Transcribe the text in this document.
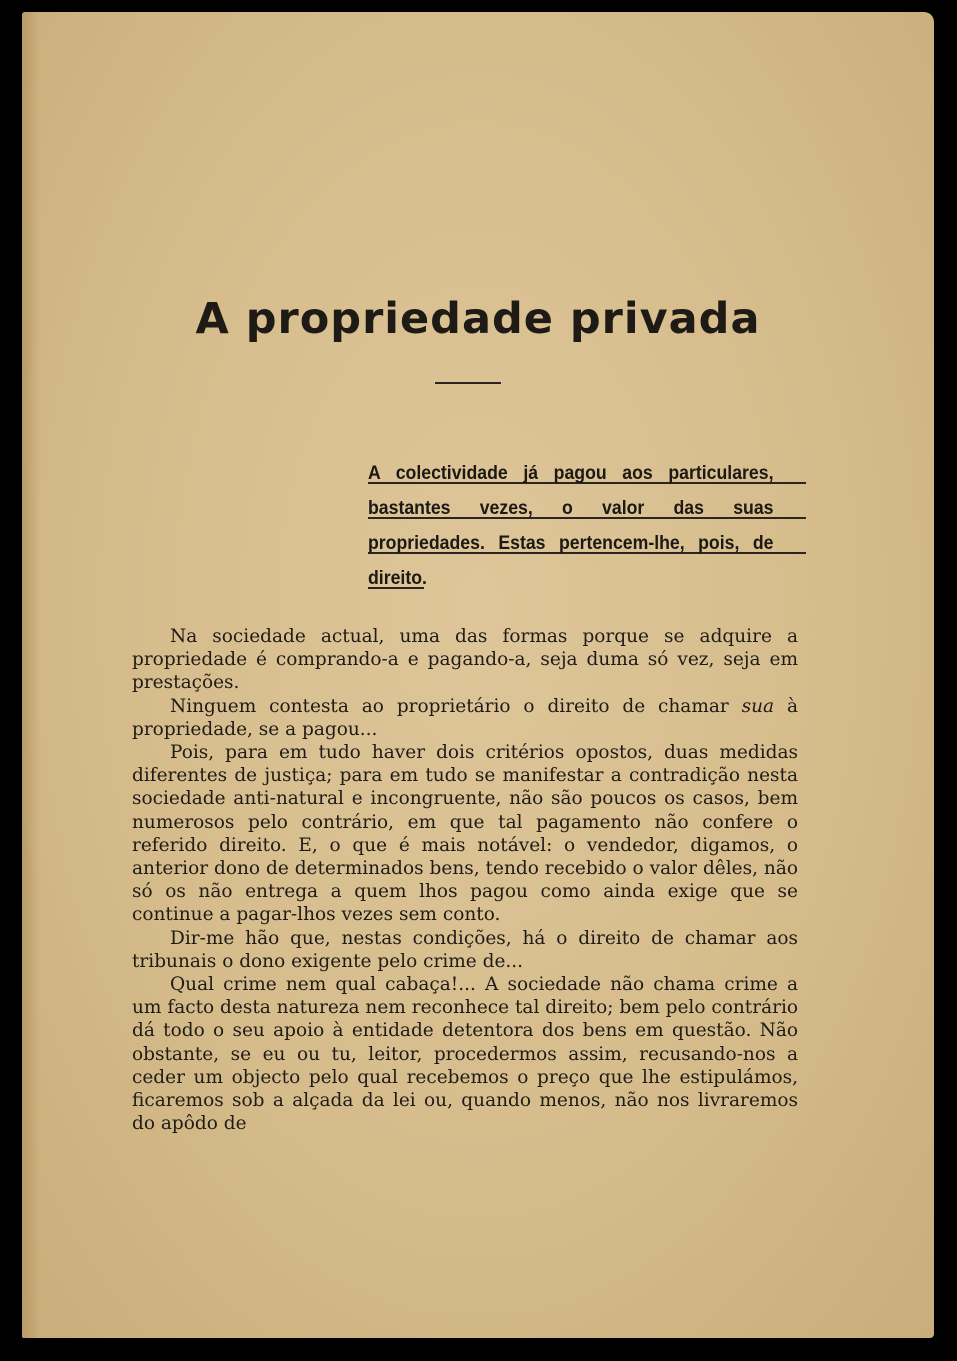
A propriedade privada
A colectividade já pagou aos particulares, bastantes vezes, o valor das suas propriedades. Estas pertencem-lhe, pois, de direito.

Na sociedade actual, uma das formas porque se adquire a propriedade é comprando-a e pagando-a, seja duma só vez, seja em prestações.

Ninguem contesta ao proprietário o direito de chamar sua à propriedade, se a pagou...

Pois, para em tudo haver dois critérios opostos, duas medidas diferentes de justiça; para em tudo se manifestar a contradição nesta sociedade anti-natural e incongruente, não são poucos os casos, bem numerosos pelo contrário, em que tal pagamento não confere o referido direito. E, o que é mais notável: o vendedor, digamos, o anterior dono de determinados bens, tendo recebido o valor dêles, não só os não entrega a quem lhos pagou como ainda exige que se continue a pagar-lhos vezes sem conto.

Dir-me hão que, nestas condições, há o direito de chamar aos tribunais o dono exigente pelo crime de...

Qual crime nem qual cabaça!... A sociedade não chama crime a um facto desta natureza nem reconhece tal direito; bem pelo contrário dá todo o seu apoio à entidade detentora dos bens em questão. Não obstante, se eu ou tu, leitor, procedermos assim, recusando-nos a ceder um objecto pelo qual recebemos o preço que lhe estipulámos, ficaremos sob a alçada da lei ou, quando menos, não nos livraremos do apôdo de
